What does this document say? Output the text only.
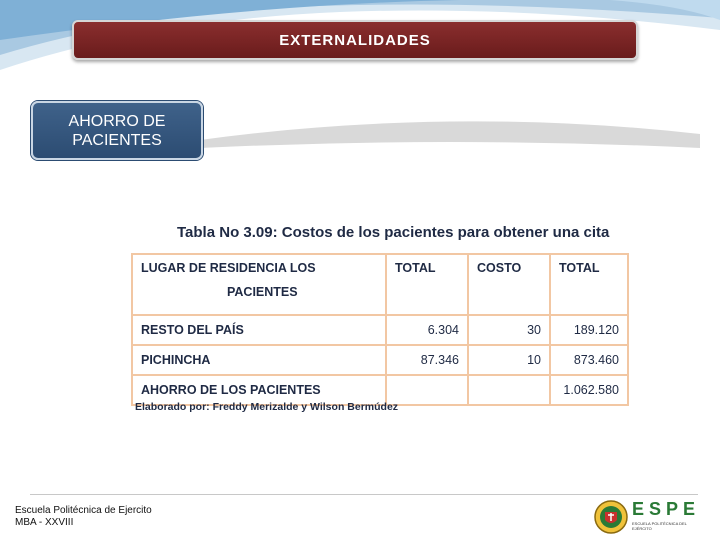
EXTERNALIDADES
AHORRO DE
PACIENTES
Tabla No 3.09: Costos de los pacientes para obtener una cita
LUGAR DE RESIDENCIA LOS
PACIENTES	TOTAL	COSTO	TOTAL
RESTO DEL PAÍS	6.304	30	189.120
PICHINCHA	87.346	10	873.460
AHORRO DE LOS PACIENTES			1.062.580
Elaborado por: Freddy Merizalde y Wilson Bermúdez
Escuela Politécnica de Ejercito
MBA - XXVIII
ESPE
ESCUELA POLITÉCNICA DEL EJÉRCITO
